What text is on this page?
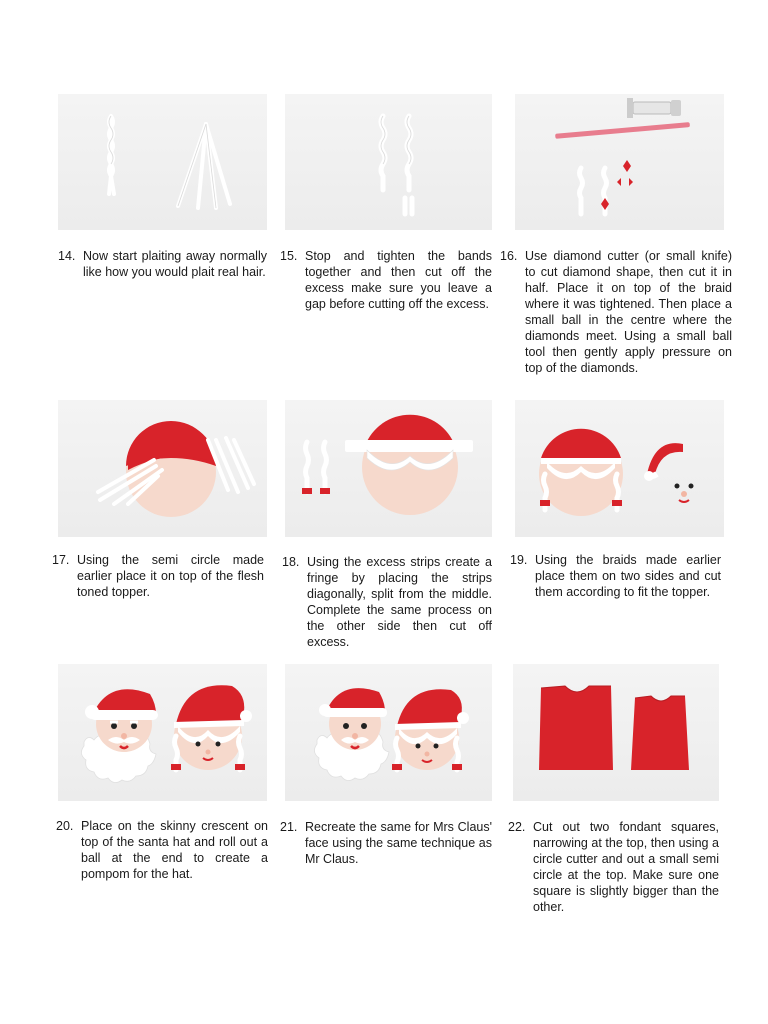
14. Now start plaiting away normally like how you would plait real hair.
15. Stop and tighten the bands together and then cut off the excess make sure you leave a gap before cutting off the excess.
16. Use diamond cutter (or small knife) to cut diamond shape, then cut it in half. Place it on top of the braid where it was tightened. Then place a small ball in the centre where the diamonds meet. Using a small ball tool then gently apply pressure on top of the diamonds.
17. Using the semi circle made earlier place it on top of the flesh toned topper.
18. Using the excess strips create a fringe by placing the strips diagonally, split from the middle. Complete the same process on the other side then cut off excess.
19. Using the braids made earlier place them on two sides and cut them according to fit the topper.
20. Place on the skinny crescent on top of the santa hat and roll out a ball at the end to create a pompom for the hat.
21. Recreate the same for Mrs Claus' face using the same technique as Mr Claus.
22. Cut out two fondant squares, narrowing at the top, then using a circle cutter and out a small semi circle at the top. Make sure one square is slightly bigger than the other.
